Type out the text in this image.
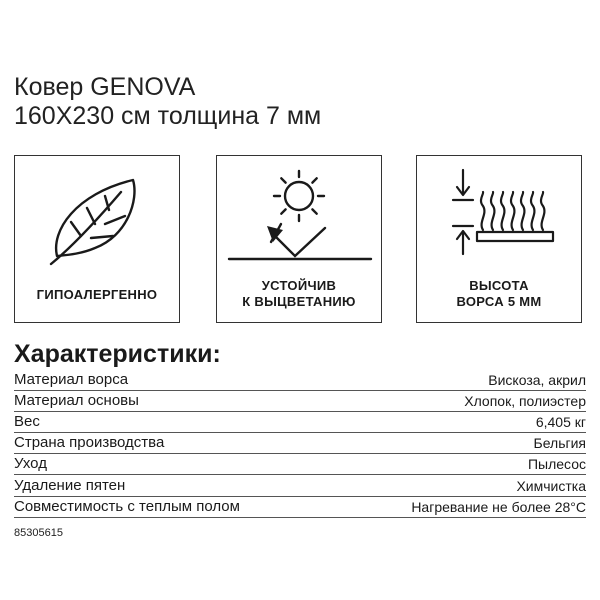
Ковер GENOVA
160X230 см толщина 7 мм
ГИПОАЛЕРГЕННО
УСТОЙЧИВ
К ВЫЦВЕТАНИЮ
ВЫСОТА
ВОРСА 5 ММ
Характеристики:
Материал ворса	Вискоза, акрил
Материал основы	Хлопок, полиэстер
Вес	6,405 кг
Страна производства	Бельгия
Уход	Пылесос
Удаление пятен	Химчистка
Совместимость с теплым полом	Нагревание не более 28°C
85305615
